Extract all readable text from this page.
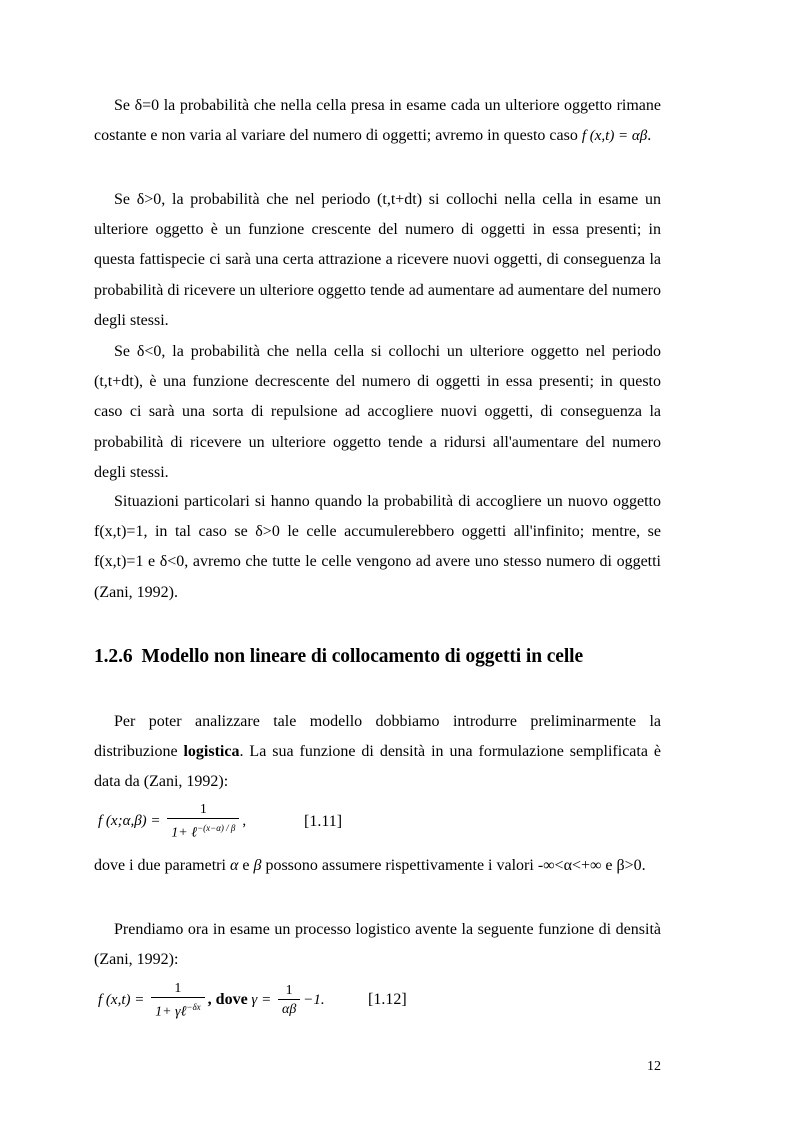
Se δ=0 la probabilità che nella cella presa in esame cada un ulteriore oggetto rimane costante e non varia al variare del numero di oggetti; avremo in questo caso f (x,t) = αβ.

Se δ>0, la probabilità che nel periodo (t,t+dt) si collochi nella cella in esame un ulteriore oggetto è un funzione crescente del numero di oggetti in essa presenti; in questa fattispecie ci sarà una certa attrazione a ricevere nuovi oggetti, di conseguenza la probabilità di ricevere un ulteriore oggetto tende ad aumentare ad aumentare del numero degli stessi.

Se δ<0, la probabilità che nella cella si collochi un ulteriore oggetto nel periodo (t,t+dt), è una funzione decrescente del numero di oggetti in essa presenti; in questo caso ci sarà una sorta di repulsione ad accogliere nuovi oggetti, di conseguenza la probabilità di ricevere un ulteriore oggetto tende a ridursi all'aumentare del numero degli stessi.

Situazioni particolari si hanno quando la probabilità di accogliere un nuovo oggetto f(x,t)=1, in tal caso se δ>0 le celle accumulerebbero oggetti all'infinito; mentre, se f(x,t)=1 e δ<0, avremo che tutte le celle vengono ad avere uno stesso numero di oggetti (Zani, 1992).

1.2.6 Modello non lineare di collocamento di oggetti in celle

Per poter analizzare tale modello dobbiamo introdurre preliminarmente la distribuzione logistica. La sua funzione di densità in una formulazione semplificata è data da (Zani, 1992):

f (x;α,β) = $\frac{1}{1+ \ell^{-(x-\alpha) / \beta}}$ ,	[1.11]

dove i due parametri α e β possono assumere rispettivamente i valori -∞<α<+∞ e β>0.

Prendiamo ora in esame un processo logistico avente la seguente funzione di densità (Zani, 1992):

f $(x,t) = \frac{1}{1+ \gamma\ell^{-\delta x}}$ , dove $\gamma = \frac{1}{\alpha\beta} -1$.	[1.12]
12
